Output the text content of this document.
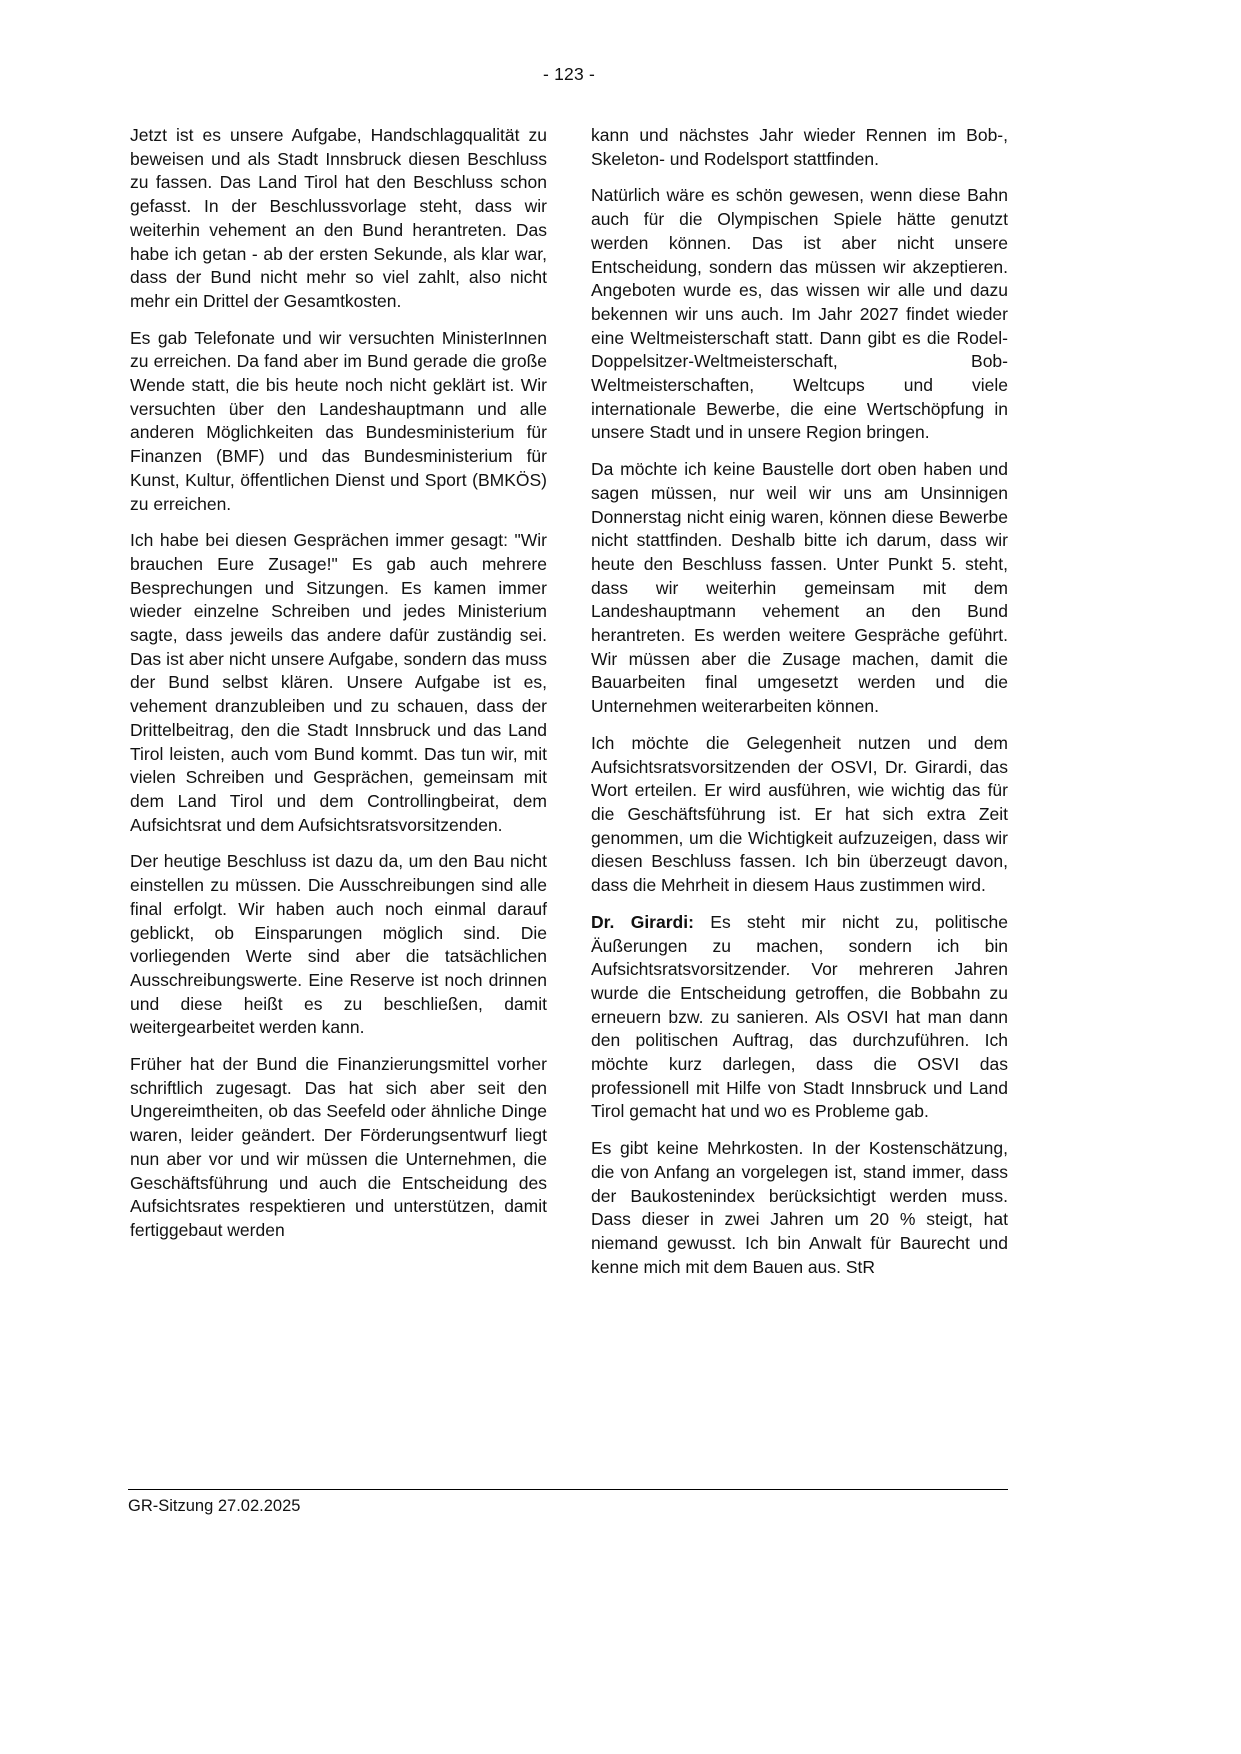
- 123 -

Jetzt ist es unsere Aufgabe, Handschlagqualität zu beweisen und als Stadt Innsbruck diesen Beschluss zu fassen. Das Land Tirol hat den Beschluss schon gefasst. In der Beschlussvorlage steht, dass wir weiterhin vehement an den Bund herantreten. Das habe ich getan - ab der ersten Sekunde, als klar war, dass der Bund nicht mehr so viel zahlt, also nicht mehr ein Drittel der Gesamtkosten.

Es gab Telefonate und wir versuchten MinisterInnen zu erreichen. Da fand aber im Bund gerade die große Wende statt, die bis heute noch nicht geklärt ist. Wir versuchten über den Landeshauptmann und alle anderen Möglichkeiten das Bundesministerium für Finanzen (BMF) und das Bundesministerium für Kunst, Kultur, öffentlichen Dienst und Sport (BMKÖS) zu erreichen.

Ich habe bei diesen Gesprächen immer gesagt: "Wir brauchen Eure Zusage!" Es gab auch mehrere Besprechungen und Sitzungen. Es kamen immer wieder einzelne Schreiben und jedes Ministerium sagte, dass jeweils das andere dafür zuständig sei. Das ist aber nicht unsere Aufgabe, sondern das muss der Bund selbst klären. Unsere Aufgabe ist es, vehement dranzubleiben und zu schauen, dass der Drittelbeitrag, den die Stadt Innsbruck und das Land Tirol leisten, auch vom Bund kommt. Das tun wir, mit vielen Schreiben und Gesprächen, gemeinsam mit dem Land Tirol und dem Controllingbeirat, dem Aufsichtsrat und dem Aufsichtsratsvorsitzenden.

Der heutige Beschluss ist dazu da, um den Bau nicht einstellen zu müssen. Die Ausschreibungen sind alle final erfolgt. Wir haben auch noch einmal darauf geblickt, ob Einsparungen möglich sind. Die vorliegenden Werte sind aber die tatsächlichen Ausschreibungswerte. Eine Reserve ist noch drinnen und diese heißt es zu beschließen, damit weitergearbeitet werden kann.

Früher hat der Bund die Finanzierungsmittel vorher schriftlich zugesagt. Das hat sich aber seit den Ungereimtheiten, ob das Seefeld oder ähnliche Dinge waren, leider geändert. Der Förderungsentwurf liegt nun aber vor und wir müssen die Unternehmen, die Geschäftsführung und auch die Entscheidung des Aufsichtsrates respektieren und unterstützen, damit fertiggebaut werden

kann und nächstes Jahr wieder Rennen im Bob-, Skeleton- und Rodelsport stattfinden.

Natürlich wäre es schön gewesen, wenn diese Bahn auch für die Olympischen Spiele hätte genutzt werden können. Das ist aber nicht unsere Entscheidung, sondern das müssen wir akzeptieren. Angeboten wurde es, das wissen wir alle und dazu bekennen wir uns auch. Im Jahr 2027 findet wieder eine Weltmeisterschaft statt. Dann gibt es die Rodel-Doppelsitzer-Weltmeisterschaft, Bob-Weltmeisterschaften, Weltcups und viele internationale Bewerbe, die eine Wertschöpfung in unsere Stadt und in unsere Region bringen.

Da möchte ich keine Baustelle dort oben haben und sagen müssen, nur weil wir uns am Unsinnigen Donnerstag nicht einig waren, können diese Bewerbe nicht stattfinden. Deshalb bitte ich darum, dass wir heute den Beschluss fassen. Unter Punkt 5. steht, dass wir weiterhin gemeinsam mit dem Landeshauptmann vehement an den Bund herantreten. Es werden weitere Gespräche geführt. Wir müssen aber die Zusage machen, damit die Bauarbeiten final umgesetzt werden und die Unternehmen weiterarbeiten können.

Ich möchte die Gelegenheit nutzen und dem Aufsichtsratsvorsitzenden der OSVI, Dr. Girardi, das Wort erteilen. Er wird ausführen, wie wichtig das für die Geschäftsführung ist. Er hat sich extra Zeit genommen, um die Wichtigkeit aufzuzeigen, dass wir diesen Beschluss fassen. Ich bin überzeugt davon, dass die Mehrheit in diesem Haus zustimmen wird.

Dr. Girardi: Es steht mir nicht zu, politische Äußerungen zu machen, sondern ich bin Aufsichtsratsvorsitzender. Vor mehreren Jahren wurde die Entscheidung getroffen, die Bobbahn zu erneuern bzw. zu sanieren. Als OSVI hat man dann den politischen Auftrag, das durchzuführen. Ich möchte kurz darlegen, dass die OSVI das professionell mit Hilfe von Stadt Innsbruck und Land Tirol gemacht hat und wo es Probleme gab.

Es gibt keine Mehrkosten. In der Kostenschätzung, die von Anfang an vorgelegen ist, stand immer, dass der Baukostenindex berücksichtigt werden muss. Dass dieser in zwei Jahren um 20 % steigt, hat niemand gewusst. Ich bin Anwalt für Baurecht und kenne mich mit dem Bauen aus. StR

GR-Sitzung 27.02.2025
